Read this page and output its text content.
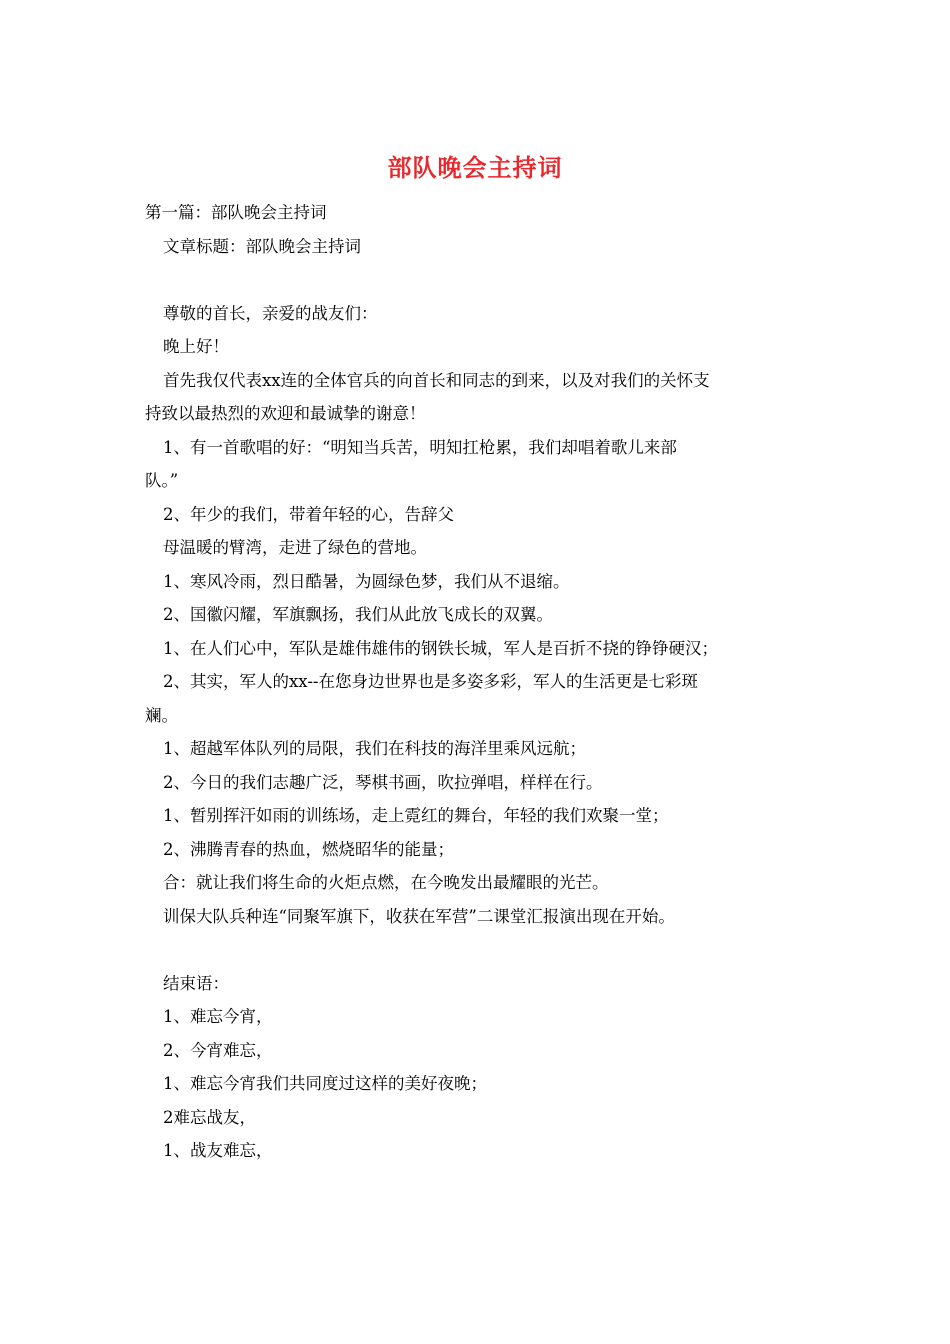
部队晚会主持词
第一篇：部队晚会主持词
文章标题：部队晚会主持词
尊敬的首长，亲爱的战友们：
晚上好！
首先我仅代表xx连的全体官兵的向首长和同志的到来，以及对我们的关怀支
持致以最热烈的欢迎和最诚挚的谢意！
1、有一首歌唱的好：“明知当兵苦，明知扛枪累，我们却唱着歌儿来部
队。”
2、年少的我们，带着年轻的心，告辞父
母温暖的臂湾，走进了绿色的营地。
1、寒风冷雨，烈日酷暑，为圆绿色梦，我们从不退缩。
2、国徽闪耀，军旗飘扬，我们从此放飞成长的双翼。
1、在人们心中，军队是雄伟雄伟的钢铁长城，军人是百折不挠的铮铮硬汉；
2、其实，军人的xx--在您身边世界也是多姿多彩，军人的生活更是七彩斑
斓。
1、超越军体队列的局限，我们在科技的海洋里乘风远航；
2、今日的我们志趣广泛，琴棋书画，吹拉弹唱，样样在行。
1、暂别挥汗如雨的训练场，走上霓红的舞台，年轻的我们欢聚一堂；
2、沸腾青春的热血，燃烧昭华的能量；
合：就让我们将生命的火炬点燃，在今晚发出最耀眼的光芒。
训保大队兵种连“同聚军旗下，收获在军营”二课堂汇报演出现在开始。
结束语：
1、难忘今宵，
2、今宵难忘，
1、难忘今宵我们共同度过这样的美好夜晚；
2难忘战友，
1、战友难忘，
